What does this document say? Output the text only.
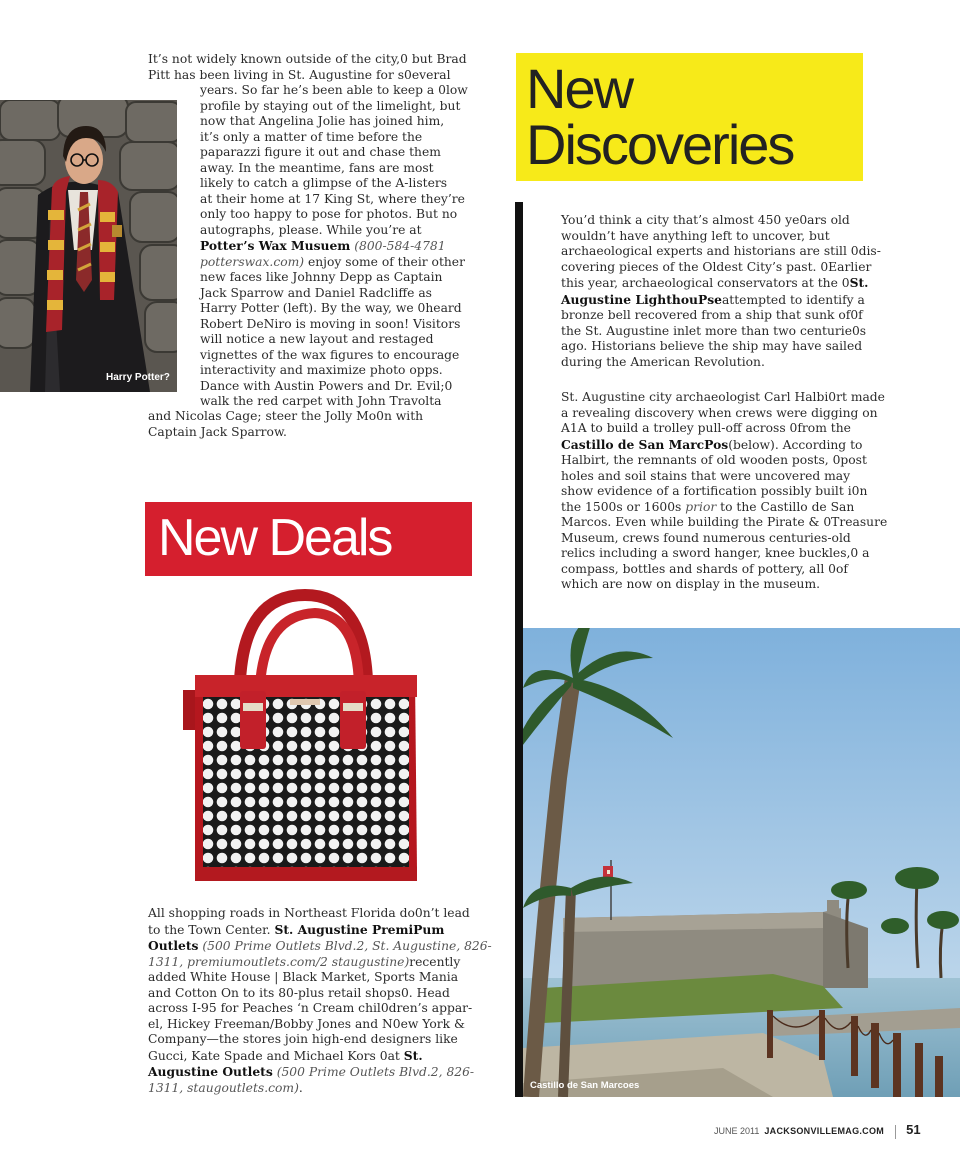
Harry Potter?
It’s not widely known outside of the city,0 but Brad
Pitt has been living in St. Augustine for s0everal
years. So far he’s been able to keep a 0low
profile by staying out of the limelight, but
now that Angelina Jolie has joined him,
it’s only a matter of time before the
paparazzi figure it out and chase them
away. In the meantime, fans are most
likely to catch a glimpse of the A-listers
at their home at 17 King St, where they’re
only too happy to pose for photos. But no
autographs, please. While you’re at
Potter’s Wax Musuem (800-584-4781
potterswax.com) enjoy some of their other
new faces like Johnny Depp as Captain
Jack Sparrow and Daniel Radcliffe as
Harry Potter (left). By the way, we 0heard
Robert DeNiro is moving in soon! Visitors
will notice a new layout and restaged
vignettes of the wax figures to encourage
interactivity and maximize photo opps.
Dance with Austin Powers and Dr. Evil;0
walk the red carpet with John Travolta
and Nicolas Cage; steer the Jolly Mo0n with
Captain Jack Sparrow.
New
Discoveries
You’d think a city that’s almost 450 ye0ars old
wouldn’t have anything left to uncover, but
archaeological experts and historians are still 0dis-
covering pieces of the Oldest City’s past. 0Earlier
this year, archaeological conservators at the 0St.
Augustine LighthouPseattempted to identify a
bronze bell recovered from a ship that sunk of0f
the St. Augustine inlet more than two centurie0s
ago. Historians believe the ship may have sailed
during the American Revolution.
St. Augustine city archaeologist Carl Halbi0rt made
a revealing discovery when crews were digging on
A1A to build a trolley pull-off across 0from the
Castillo de San MarcPos(below). According to
Halbirt, the remnants of old wooden posts, 0post
holes and soil stains that were uncovered may
show evidence of a fortification possibly built i0n
the 1500s or 1600s prior to the Castillo de San
Marcos. Even while building the Pirate & 0Treasure
Museum, crews found numerous centuries-old
relics including a sword hanger, knee buckles,0 a
compass, bottles and shards of pottery, all 0of
which are now on display in the museum.
Castillo de San Marcoes
New Deals
All shopping roads in Northeast Florida do0n’t lead
to the Town Center. St. Augustine PremiPum
Outlets (500 Prime Outlets Blvd.2, St. Augustine, 826-
1311, premiumoutlets.com/2 staugustine)recently
added White House | Black Market, Sports Mania
and Cotton On to its 80-plus retail shops0. Head
across I-95 for Peaches ‘n Cream chil0dren’s appar-
el, Hickey Freeman/Bobby Jones and N0ew York &
Company—the stores join high-end designers like
Gucci, Kate Spade and Michael Kors 0at St.
Augustine Outlets (500 Prime Outlets Blvd.2, 826-
1311, staugoutlets.com).
JUNE 2011 JACKSONVILLEMAG.COM 51
